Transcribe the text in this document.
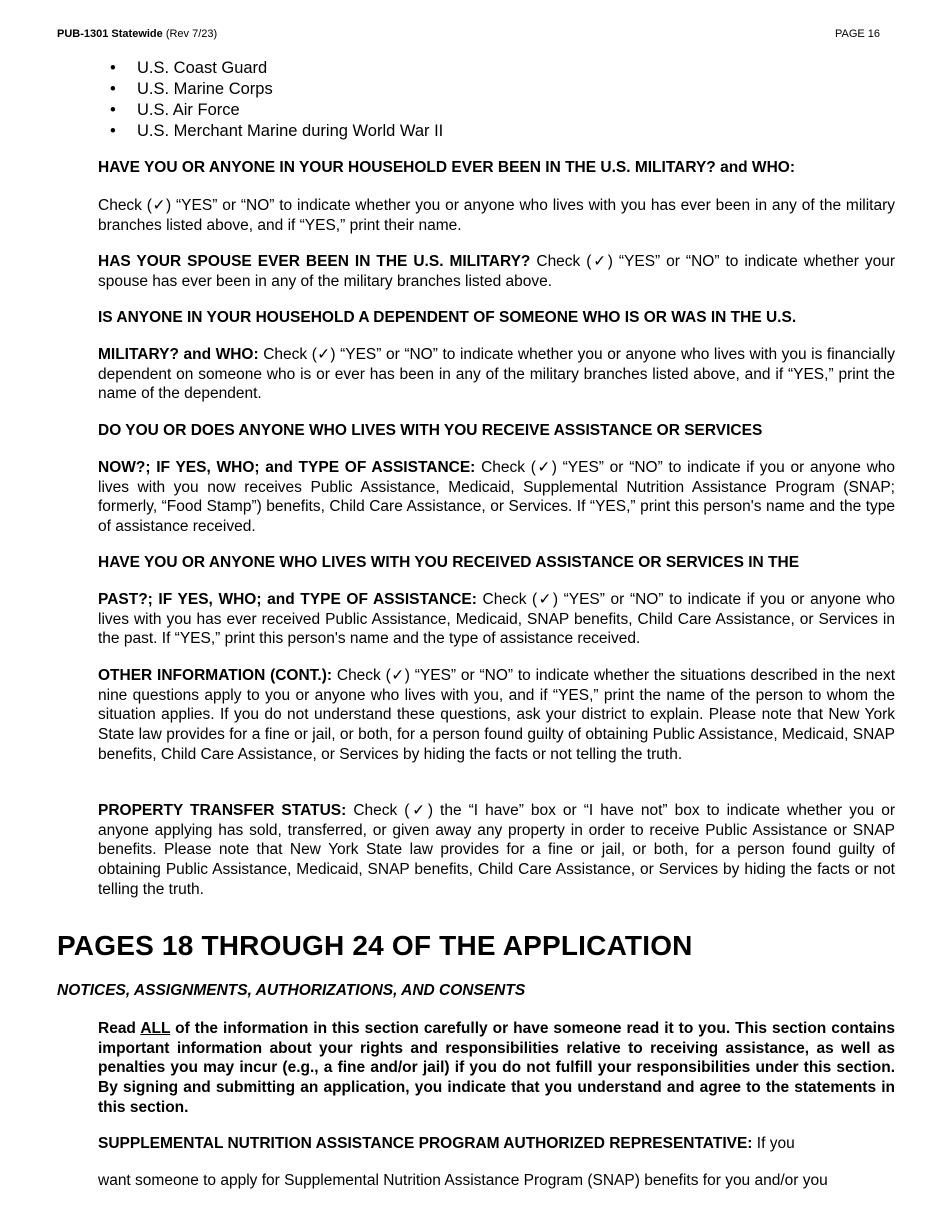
PUB-1301 Statewide (Rev 7/23)	PAGE 16
• U.S. Coast Guard
• U.S. Marine Corps
• U.S. Air Force
• U.S. Merchant Marine during World War II

HAVE YOU OR ANYONE IN YOUR HOUSEHOLD EVER BEEN IN THE U.S. MILITARY? and WHO:

Check (✓) “YES” or “NO” to indicate whether you or anyone who lives with you has ever been in any of the military branches listed above, and if “YES,” print their name.

HAS YOUR SPOUSE EVER BEEN IN THE U.S. MILITARY? Check (✓) “YES” or “NO” to indicate whether your spouse has ever been in any of the military branches listed above.

IS ANYONE IN YOUR HOUSEHOLD A DEPENDENT OF SOMEONE WHO IS OR WAS IN THE U.S.

MILITARY? and WHO: Check (✓) “YES” or “NO” to indicate whether you or anyone who lives with you is financially dependent on someone who is or ever has been in any of the military branches listed above, and if “YES,” print the name of the dependent.

DO YOU OR DOES ANYONE WHO LIVES WITH YOU RECEIVE ASSISTANCE OR SERVICES

NOW?; IF YES, WHO; and TYPE OF ASSISTANCE: Check (✓) “YES” or “NO” to indicate if you or anyone who lives with you now receives Public Assistance, Medicaid, Supplemental Nutrition Assistance Program (SNAP; formerly, “Food Stamp”) benefits, Child Care Assistance, or Services. If “YES,” print this person's name and the type of assistance received.

HAVE YOU OR ANYONE WHO LIVES WITH YOU RECEIVED ASSISTANCE OR SERVICES IN THE

PAST?; IF YES, WHO; and TYPE OF ASSISTANCE: Check (✓) “YES” or “NO” to indicate if you or anyone who lives with you has ever received Public Assistance, Medicaid, SNAP benefits, Child Care Assistance, or Services in the past. If “YES,” print this person's name and the type of assistance received.

OTHER INFORMATION (CONT.): Check (✓) “YES” or “NO” to indicate whether the situations described in the next nine questions apply to you or anyone who lives with you, and if “YES,” print the name of the person to whom the situation applies. If you do not understand these questions, ask your district to explain. Please note that New York State law provides for a fine or jail, or both, for a person found guilty of obtaining Public Assistance, Medicaid, SNAP benefits, Child Care Assistance, or Services by hiding the facts or not telling the truth.

PROPERTY TRANSFER STATUS: Check (✓) the “I have” box or “I have not” box to indicate whether you or anyone applying has sold, transferred, or given away any property in order to receive Public Assistance or SNAP benefits. Please note that New York State law provides for a fine or jail, or both, for a person found guilty of obtaining Public Assistance, Medicaid, SNAP benefits, Child Care Assistance, or Services by hiding the facts or not telling the truth.

PAGES 18 THROUGH 24 OF THE APPLICATION
NOTICES, ASSIGNMENTS, AUTHORIZATIONS, AND CONSENTS

Read ALL of the information in this section carefully or have someone read it to you. This section contains important information about your rights and responsibilities relative to receiving assistance, as well as penalties you may incur (e.g., a fine and/or jail) if you do not fulfill your responsibilities under this section. By signing and submitting an application, you indicate that you understand and agree to the statements in this section.

SUPPLEMENTAL NUTRITION ASSISTANCE PROGRAM AUTHORIZED REPRESENTATIVE: If you

want someone to apply for Supplemental Nutrition Assistance Program (SNAP) benefits for you and/or you
